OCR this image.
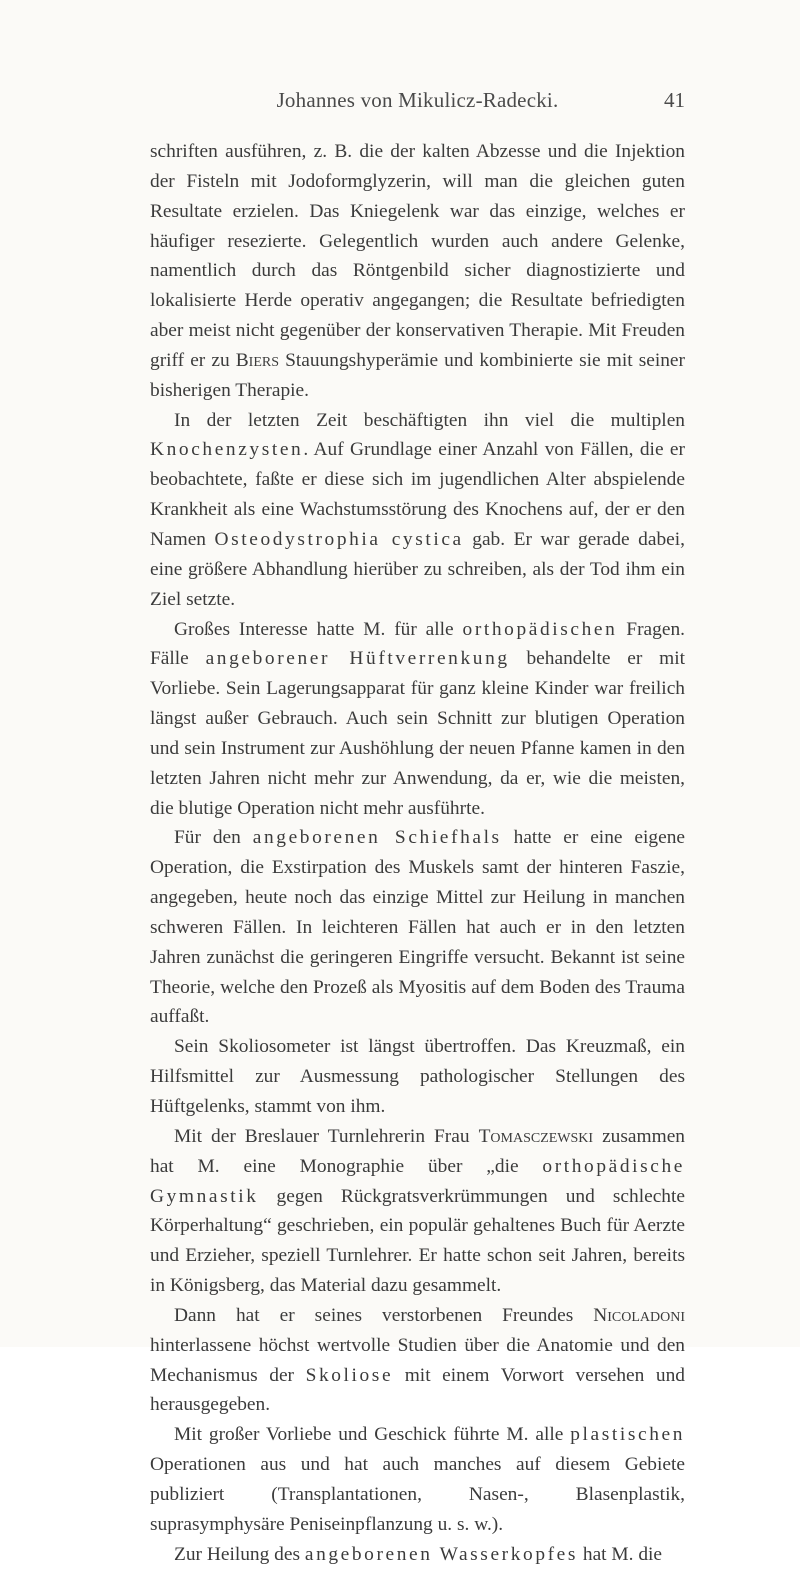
Johannes von Mikulicz-Radecki.	41

schriften ausführen, z. B. die der kalten Abzesse und die Injektion der Fisteln mit Jodoformglyzerin, will man die gleichen guten Resultate erzielen. Das Kniegelenk war das einzige, welches er häufiger resezierte. Gelegentlich wurden auch andere Gelenke, namentlich durch das Röntgenbild sicher diagnostizierte und lokalisierte Herde operativ angegangen; die Resultate befriedigten aber meist nicht gegenüber der konservativen Therapie. Mit Freuden griff er zu Biers Stauungshyperämie und kombinierte sie mit seiner bisherigen Therapie.

In der letzten Zeit beschäftigten ihn viel die multiplen Knochenzysten. Auf Grundlage einer Anzahl von Fällen, die er beobachtete, faßte er diese sich im jugendlichen Alter abspielende Krankheit als eine Wachstumsstörung des Knochens auf, der er den Namen Osteodystrophia cystica gab. Er war gerade dabei, eine größere Abhandlung hierüber zu schreiben, als der Tod ihm ein Ziel setzte.

Großes Interesse hatte M. für alle orthopädischen Fragen. Fälle angeborener Hüftverrenkung behandelte er mit Vorliebe. Sein Lagerungsapparat für ganz kleine Kinder war freilich längst außer Gebrauch. Auch sein Schnitt zur blutigen Operation und sein Instrument zur Aushöhlung der neuen Pfanne kamen in den letzten Jahren nicht mehr zur Anwendung, da er, wie die meisten, die blutige Operation nicht mehr ausführte.

Für den angeborenen Schiefhals hatte er eine eigene Operation, die Exstirpation des Muskels samt der hinteren Faszie, angegeben, heute noch das einzige Mittel zur Heilung in manchen schweren Fällen. In leichteren Fällen hat auch er in den letzten Jahren zunächst die geringeren Eingriffe versucht. Bekannt ist seine Theorie, welche den Prozeß als Myositis auf dem Boden des Trauma auffaßt.

Sein Skoliosometer ist längst übertroffen. Das Kreuzmaß, ein Hilfsmittel zur Ausmessung pathologischer Stellungen des Hüftgelenks, stammt von ihm.

Mit der Breslauer Turnlehrerin Frau Tomasczewski zusammen hat M. eine Monographie über „die orthopädische Gymnastik gegen Rückgratsverkrümmungen und schlechte Körperhaltung“ geschrieben, ein populär gehaltenes Buch für Aerzte und Erzieher, speziell Turnlehrer. Er hatte schon seit Jahren, bereits in Königsberg, das Material dazu gesammelt.

Dann hat er seines verstorbenen Freundes Nicoladoni hinterlassene höchst wertvolle Studien über die Anatomie und den Mechanismus der Skoliose mit einem Vorwort versehen und herausgegeben.

Mit großer Vorliebe und Geschick führte M. alle plastischen Operationen aus und hat auch manches auf diesem Gebiete publiziert (Transplantationen, Nasen-, Blasenplastik, suprasymphysäre Peniseinpflanzung u. s. w.).

Zur Heilung des angeborenen Wasserkopfes hat M. die
